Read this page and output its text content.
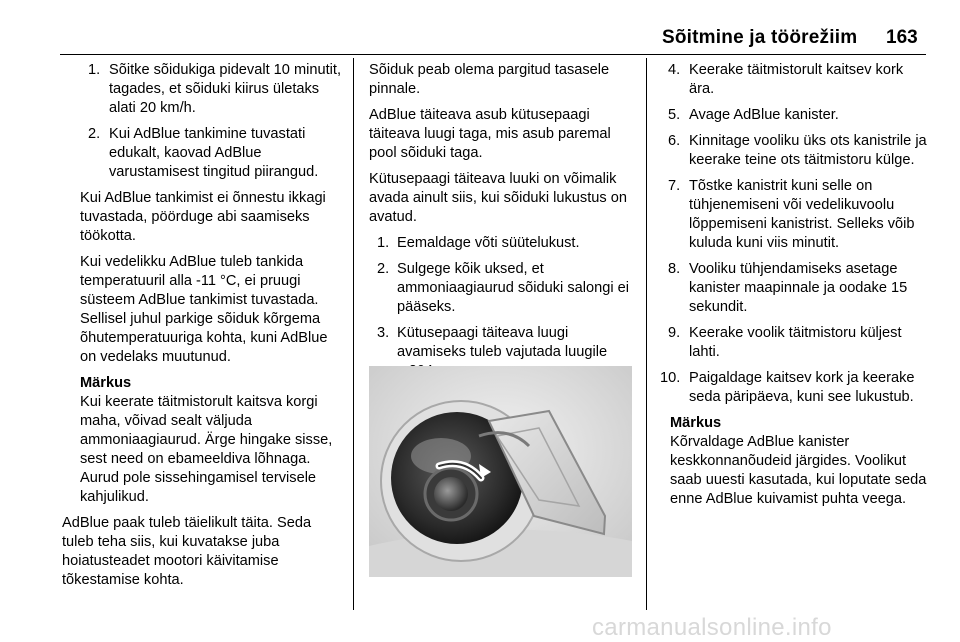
Sõitmine ja töörežiim 163
1. Sõitke sõidukiga pidevalt 10 minutit, tagades, et sõiduki kiirus ületaks alati 20 km/h.
2. Kui AdBlue tankimine tuvastati edukalt, kaovad AdBlue varustamisest tingitud piirangud.

Kui AdBlue tankimist ei õnnestu ikkagi tuvastada, pöörduge abi saamiseks töökotta.

Kui vedelikku AdBlue tuleb tankida temperatuuril alla -11 °C, ei pruugi süsteem AdBlue tankimist tuvastada. Sellisel juhul parkige sõiduk kõrgema õhutemperatuuriga kohta, kuni AdBlue on vedelaks muutunud.

Märkus

Kui keerate täitmistorult kaitsva korgi maha, võivad sealt väljuda ammoniaagiaurud. Ärge hingake sisse, sest need on ebameeldiva lõhnaga. Aurud pole sissehingamisel tervisele kahjulikud.

AdBlue paak tuleb täielikult täita. Seda tuleb teha siis, kui kuvatakse juba hoiatusteadet mootori käivitamise tõkestamise kohta.

Sõiduk peab olema pargitud tasasele pinnale.

AdBlue täiteava asub kütusepaagi täiteava luugi taga, mis asub paremal pool sõiduki taga.

Kütusepaagi täiteava luuki on võimalik avada ainult siis, kui sõiduki lukustus on avatud.

1. Eemaldage võti süütelukust.
2. Sulgege kõik uksed, et ammoniaagiaurud sõiduki salongi ei pääseks.
3. Kütusepaagi täiteava luugi avamiseks tuleb vajutada luugile

4. Keerake täitmistorult kaitsev kork ära.
5. Avage AdBlue kanister.
6. Kinnitage vooliku üks ots kanistrile ja keerake teine ots täitmistoru külge.
7. Tõstke kanistrit kuni selle on tühjenemiseni või vedelikuvoolu lõppemiseni kanistrist. Selleks võib kuluda kuni viis minutit.
8. Vooliku tühjendamiseks asetage kanister maapinnale ja oodake 15 sekundit.
9. Keerake voolik täitmistoru küljest lahti.
10. Paigaldage kaitsev kork ja keerake seda päripäeva, kuni see lukustub.

Märkus

Kõrvaldage AdBlue kanister keskkonnanõudeid järgides. Voolikut saab uuesti kasutada, kui loputate seda enne AdBlue kuivamist puhta veega.

carmanualsonline.info
